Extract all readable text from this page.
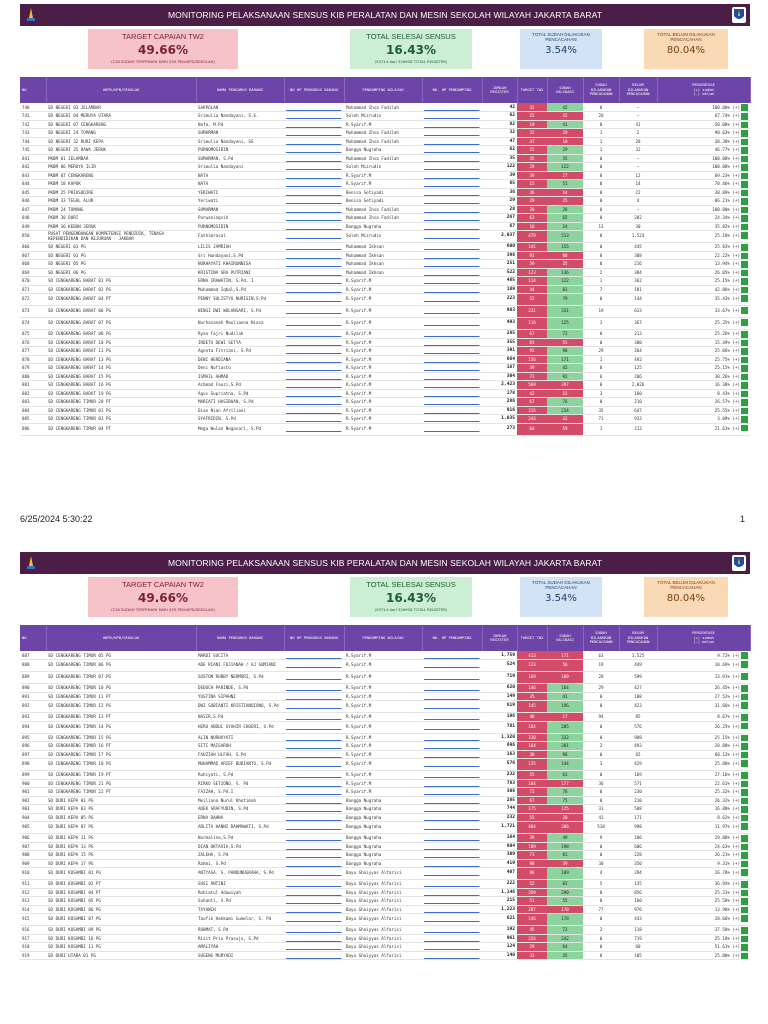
MONITORING PELAKSANAAN SENSUS KIB PERALATAN DAN MESIN SEKOLAH WILAYAH JAKARTA BARAT
TARGET CAPAIAN TW2
49.66%
(216 SUDAH TERPENUHI DARI 435 PD/UKPD/SEKOLAH)
TOTAL SELESAI SENSUS
16.43%
(53714 dari 326938 TOTAL REGISTER)
TOTAL SUDAH DILAKUKAN PENCACAHAN
3.54%
TOTAL BELUM DILAKUKAN PENCACAHAN
80.04%
NO	UKPD/UPB/SEKOLAH	NAMA PENGURUS BARANG	NO HP PENGURUS BARANG	PENDAMPING WILAYAH	NO. HP PENDAMPING	JUMLAH REGISTER	TARGET TW2	SUDAH VALIDASI	SUDAH DILAKUKAN PENCACAHAN	BELUM DILAKUKAN PENCACAHAN	PERSENTASE
(+) sudah
(-) belum
740	SD NEGERI 03 JELAMBAR	SAKPOLAN		Muhammad Ihsa Fadilah		42	42	42	0	–	100.00% (+)

741	SD NEGERI 04 MERUYA UTARA	Srimulia Nandayani, S.E.		Soleh Mizrudin		62	15	42	20	–	67.74% (+)

742	SD NEGERI 07 CENGKARENG	Nafa, M.Pd		R.Syarif.M		82	19	41	0	41	50.00% (+)

743	SD NEGERI 24 TOMANG	SUMARMAN		Muhammad Ihsa Fadilah		32	32	29	1	2	90.63% (+)

744	SD NEGERI 32 DURI KEPA	Srimulia Nandayani, SE		Muhammad Ihsa Fadilah		47	47	18	1	28	38.30% (+)

745	SD NEGERI 35 RAWA JERUK	PURNOMOSIDIN		Bangga Nugraha		62	15	29	1	32	46.77% (+)

841	PKBM 01 JELAMBAR	SUMARMAN, S.Pd		Muhammad Ihsa Fadilah		35	35	35	0	–	100.00% (+)

842	PKBM 06 MERUYA ILIR	Srimulia Nandayani		Soleh Mizrudin		122	29	122	0	–	100.00% (+)

843	PKBM 07 CENGKARENG	NATA		R.Syarif.M		39	39	27	0	12	69.23% (+)

844	PKBM 18 KAPUK	NATA		R.Syarif.M		65	15	51	0	14	78.46% (+)

845	PKBM 25 PRIOSUDIRE	YERIWATI		Benisa Setiyadi		36	36	14	0	22	38.89% (+)

846	PKBM 33 TEGAL ALUR	Yeriwati		Benisa Setiyadi		29	29	25	0	4	86.21% (+)

847	PKBM 24 TOMANG	SUMARMAN		Muhammad Ihsa Fadilah		28	28	28	0	–	100.00% (+)

848	PKBM 30 DURI	Purwaningsih		Muhammad Ihsa Fadilah		267	63	65	0	202	24.34% (+)

849	PKBM 36 KEBON JERUK	PURNOMOSIDIN		Bangga Nugraha		67	16	24	13	30	35.82% (+)

850	PUSAT PENGEMBANGAN KOMPETENSI PENDIDIK, TENAGA KEPENDIDIKAN DAN KEJURUAN - JAKBAR	Fathimrosal		Soleh Mizrudin		2,037	479	513	0	1,524	25.18% (+)

866	SD NEGERI 01 PG	LILIS JAMRIAH		Muhammad Ikhsan		600	141	155	0	445	25.83% (+)

867	SD NEGERI 03 PG	Sri Handayani,S.Pd		Muhammad Ikhsan		396	93	88	0	308	22.22% (+)

868	SD NEGERI 05 PG	NURHAYATI KHAIRUNNISA		Muhammad Ikhsan		251	59	35	0	216	13.94% (+)

869	SD NEGERI 06 PG	KRISTINA SRA PUTRIANI		Muhammad Ikhsan		522	123	136	2	384	26.05% (+)

870	SD CENGKARENG BARAT 01 PG	ERNA IRAWATIN, S.Pd. I		R.Syarif.M		485	114	122	1	362	25.15% (+)

871	SD CENGKARENG BARAT 02 PG	Muhammad Iqbal,S.Pd		R.Syarif.M		189	44	81	7	101	42.86% (+)

872	SD CENGKARENG BARAT 04 PT	PENNY SULISTYO NURISIN,S.Pd		R.Syarif.M		223	52	79	0	144	35.43% (+)

873	SD CENGKARENG BARAT 06 PG	NINGI DWI WULANSARI, S.Pd		R.Syarif.M		983	231	331	19	633	33.67% (+)

874	SD CENGKARENG BARAT 07 PG	Nurhasanah Maulianna Niasa		R.Syarif.M		493	116	125	1	367	25.35% (+)

875	SD CENGKARENG BARAT 08 PG	Ryan Fajri Nudilah		R.Syarif.M		285	67	72	0	213	25.26% (+)

876	SD CENGKARENG BARAT 10 PG	IRDETA DEWI SETYA		R.Syarif.M		355	83	55	0	300	15.49% (+)

877	SD CENGKARENG BARAT 11 PG	Agneta Fitriani, S.Pd		R.Syarif.M		391	92	98	29	264	25.06% (+)

878	SD CENGKARENG BARAT 13 PG	DENI HERDIANA		R.Syarif.M		664	156	171	1	492	25.75% (+)

879	SD CENGKARENG BARAT 14 PG	Deni Nofiasto		R.Syarif.M		167	39	42	0	125	25.15% (+)

880	SD CENGKARENG BARAT 15 PG	ISMAIL AHMAD		R.Syarif.M		304	71	92	6	206	30.26% (+)

881	SD CENGKARENG BARAT 16 PG	Achmad Fauzi,S.Pd		R.Syarif.M		2,423	569	397	0	2,026	16.38% (+)

882	SD CENGKARENG BARAT 19 PG	Agus Supriatna, S.Pd		R.Syarif.M		178	42	15	3	160	8.43% (+)

883	SD CENGKARENG TIMUR 20 PT	MARIATI HASIBUAN, S.Pd		R.Syarif.M		286	67	76	0	210	26.57% (+)

884	SD CENGKARENG TIMUR 01 PG	Dian Nian Afriliani		R.Syarif.M		916	215	234	35	647	25.55% (+)

885	SD CENGKARENG TIMUR 03 PG	SYAFRIDIN, S.Pd		R.Syarif.M		1,035	243	32	71	933	3.09% (+)

886	SD CENGKARENG TIMUR 04 PT	Mega Wulan Negasari, S.Pd		R.Syarif.M		273	64	59	1	213	21.61% (+)
6/25/2024 5:30:22	1
MONITORING PELAKSANAAN SENSUS KIB PERALATAN DAN MESIN SEKOLAH WILAYAH JAKARTA BARAT
TARGET CAPAIAN TW2
49.66%
(216 SUDAH TERPENUHI DARI 435 PD/UKPD/SEKOLAH)
TOTAL SELESAI SENSUS
16.43%
(53714 dari 326938 TOTAL REGISTER)
TOTAL SUDAH DILAKUKAN PENCACAHAN
3.54%
TOTAL BELUM DILAKUKAN PENCACAHAN
80.04%
NO	UKPD/UPB/SEKOLAH	NAMA PENGURUS BARANG	NO HP PENGURUS BARANG	PENDAMPING WILAYAH	NO. HP PENDAMPING	JUMLAH REGISTER	TARGET TW2	SUDAH VALIDASI	SUDAH DILAKUKAN PENCACAHAN	BELUM DILAKUKAN PENCACAHAN	PERSENTASE
(+) sudah
(-) belum
887	SD CENGKARENG TIMUR 05 PG	MARDI SUCITA		R.Syarif.M		1,759	413	171	63	1,525	9.72% (+)

888	SD CENGKARENG TIMUR 06 PG	ADE RIANI FUJIANAH / AJ SUMIANI		R.Syarif.M		524	123	56	19	449	10.69% (+)

889	SD CENGKARENG TIMUR 07 PG	SUSTON RUBBY NERMORI, S.Pd		R.Syarif.M		719	169	100	20	599	13.91% (+)

890	SD CENGKARENG TIMUR 10 PG	DEDUCH PARINDE, S.Pd		R.Syarif.M		620	146	164	29	427	26.45% (+)

891	SD CENGKARENG TIMUR 11 PT	YUSTINA SIPAHNI		R.Syarif.M		149	35	41	0	108	27.52% (+)

892	SD CENGKARENG TIMUR 12 PG	DWI SUBIANTI KRISTIANDIONO, S.Pd		R.Syarif.M		619	145	196	0	423	31.66% (+)

893	SD CENGKARENG TIMUR 13 PT	NASIR,S.Pd		R.Syarif.M		196	46	17	94	85	8.67% (+)

894	SD CENGKARENG TIMUR 14 PG	HERU ABDUL SYAHIR CHOERI, S.Pd		R.Syarif.M		781	184	205	0	576	26.25% (+)

895	SD CENGKARENG TIMUR 15 PG	ALIN NURHAYATI		R.Syarif.M		1,320	310	332	0	988	25.15% (+)

896	SD CENGKARENG TIMUR 16 PT	SITI MAISAROH		R.Syarif.M		696	164	201	2	493	28.88% (+)

897	SD CENGKARENG TIMUR 17 PG	FAUZIAH ULFAH, S.Pd		R.Syarif.M		163	38	98	0	65	60.12% (+)

898	SD CENGKARENG TIMUR 18 PG	MUHAMMAD ARIEF BUDIANTO, S.Pd		R.Syarif.M		576	135	144	3	429	25.00% (+)

899	SD CENGKARENG TIMUR 19 PT	Ruhiyati, S.Pd		R.Syarif.M		232	55	63	0	169	27.16% (+)

900	SD CENGKARENG TIMUR 21 PG	RIRKO SETIONO, S. Pd		R.Syarif.M		783	184	177	36	571	22.61% (+)

901	SD CENGKARENG TIMUR 22 PT	FAIZAH, S.Pd.I		R.Syarif.M		308	72	78	0	230	25.32% (+)

902	SD DURI KEPA 01 PG	Meiliana Nurul Khotimah		Bangga Nugraha		285	67	75	0	210	26.32% (+)

903	SD DURI KEPA 03 PG	ADEK SRAFYUDIN, S.Pd		Bangga Nugraha		744	175	125	31	588	16.80% (+)

904	SD DURI KEPA 05 PG	ERNA DAHNA		Bangga Nugraha		232	55	20	41	171	8.62% (+)

905	SD DURI KEPA 07 PG	ARLITA HANNI RAHMAWATI, S.Pd		Bangga Nugraha		1,721	404	206	518	998	11.97% (+)

906	SD DURI KEPA 11 PG	Nurmalina,S.Pd		Bangga Nugraha		164	39	49	9	106	29.88% (+)

907	SD DURI KEPA 13 PG	DIAN OKTAVIA,S.Pd		Bangga Nugraha		804	189	198	0	606	24.63% (+)

908	SD DURI KEPA 15 PG	ZALEHA, S.Pd		Bangga Nugraha		309	73	81	0	228	26.21% (+)

909	SD DURI KEPA 17 PG	Rahmi, S.Pd		Bangga Nugraha		419	98	39	30	350	9.31% (+)

910	SD DURI KOSAMBI 01 PG	ANTYASA. S. PANDUNUGRAHA, S.Pd		Bayu Ghaiyyas Alfarisi		407	96	109	4	294	26.78% (+)

911	SD DURI KOSAMBI 02 PT	SUSI ANTINI		Bayu Ghaiyyas Alfarisi		222	52	82	5	135	36.94% (+)

912	SD DURI KOSAMBI 04 PT	Rohiatul Adawiyah		Bayu Ghaiyyas Alfarisi		1,146	269	290	0	856	25.31% (+)

913	SD DURI KOSAMBI 05 PG	Suhanti, S.Pd		Bayu Ghaiyyas Alfarisi		215	51	55	0	160	25.58% (+)

914	SD DURI KOSAMBI 06 PG	TAYANIH		Bayu Ghaiyyas Alfarisi		1,223	287	170	77	976	13.90% (+)

915	SD DURI KOSAMBI 07 PG	Taufik Hakkami Gumelar, S. Pd		Bayu Ghaiyyas Alfarisi		621	146	178	0	443	28.66% (+)

916	SD DURI KOSAMBI 09 PG	ROHMAT, S.Pd		Bayu Ghaiyyas Alfarisi		192	45	72	2	118	37.50% (+)

917	SD DURI KOSAMBI 10 PG	Rizit Prio Prasojo, S.Pd		Bayu Ghaiyyas Alfarisi		961	226	242	0	719	25.18% (+)

918	SD DURI KOSAMBI 11 PG	AMALIYAH		Bayu Ghaiyyas Alfarisi		124	29	64	0	60	51.61% (+)

919	SD DURI UTARA 01 PG	SUGENG MURYADI		Bayu Ghaiyyas Alfarisi		140	33	35	0	105	25.00% (+)
